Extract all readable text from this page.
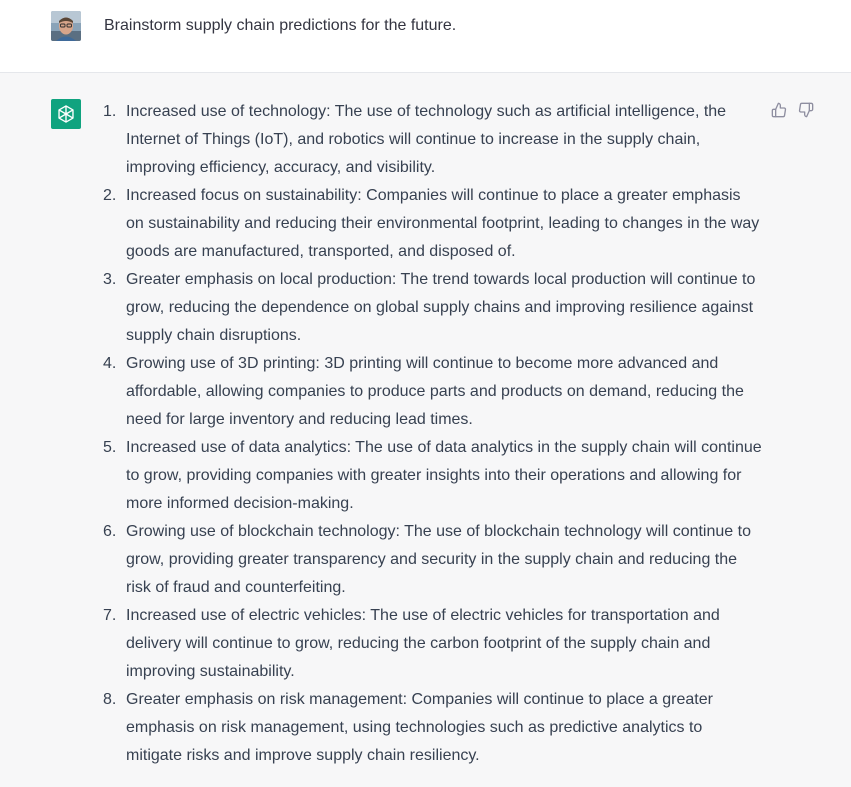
Brainstorm supply chain predictions for the future.
1. Increased use of technology: The use of technology such as artificial intelligence, the Internet of Things (IoT), and robotics will continue to increase in the supply chain, improving efficiency, accuracy, and visibility.
2. Increased focus on sustainability: Companies will continue to place a greater emphasis on sustainability and reducing their environmental footprint, leading to changes in the way goods are manufactured, transported, and disposed of.
3. Greater emphasis on local production: The trend towards local production will continue to grow, reducing the dependence on global supply chains and improving resilience against supply chain disruptions.
4. Growing use of 3D printing: 3D printing will continue to become more advanced and affordable, allowing companies to produce parts and products on demand, reducing the need for large inventory and reducing lead times.
5. Increased use of data analytics: The use of data analytics in the supply chain will continue to grow, providing companies with greater insights into their operations and allowing for more informed decision-making.
6. Growing use of blockchain technology: The use of blockchain technology will continue to grow, providing greater transparency and security in the supply chain and reducing the risk of fraud and counterfeiting.
7. Increased use of electric vehicles: The use of electric vehicles for transportation and delivery will continue to grow, reducing the carbon footprint of the supply chain and improving sustainability.
8. Greater emphasis on risk management: Companies will continue to place a greater emphasis on risk management, using technologies such as predictive analytics to mitigate risks and improve supply chain resiliency.
